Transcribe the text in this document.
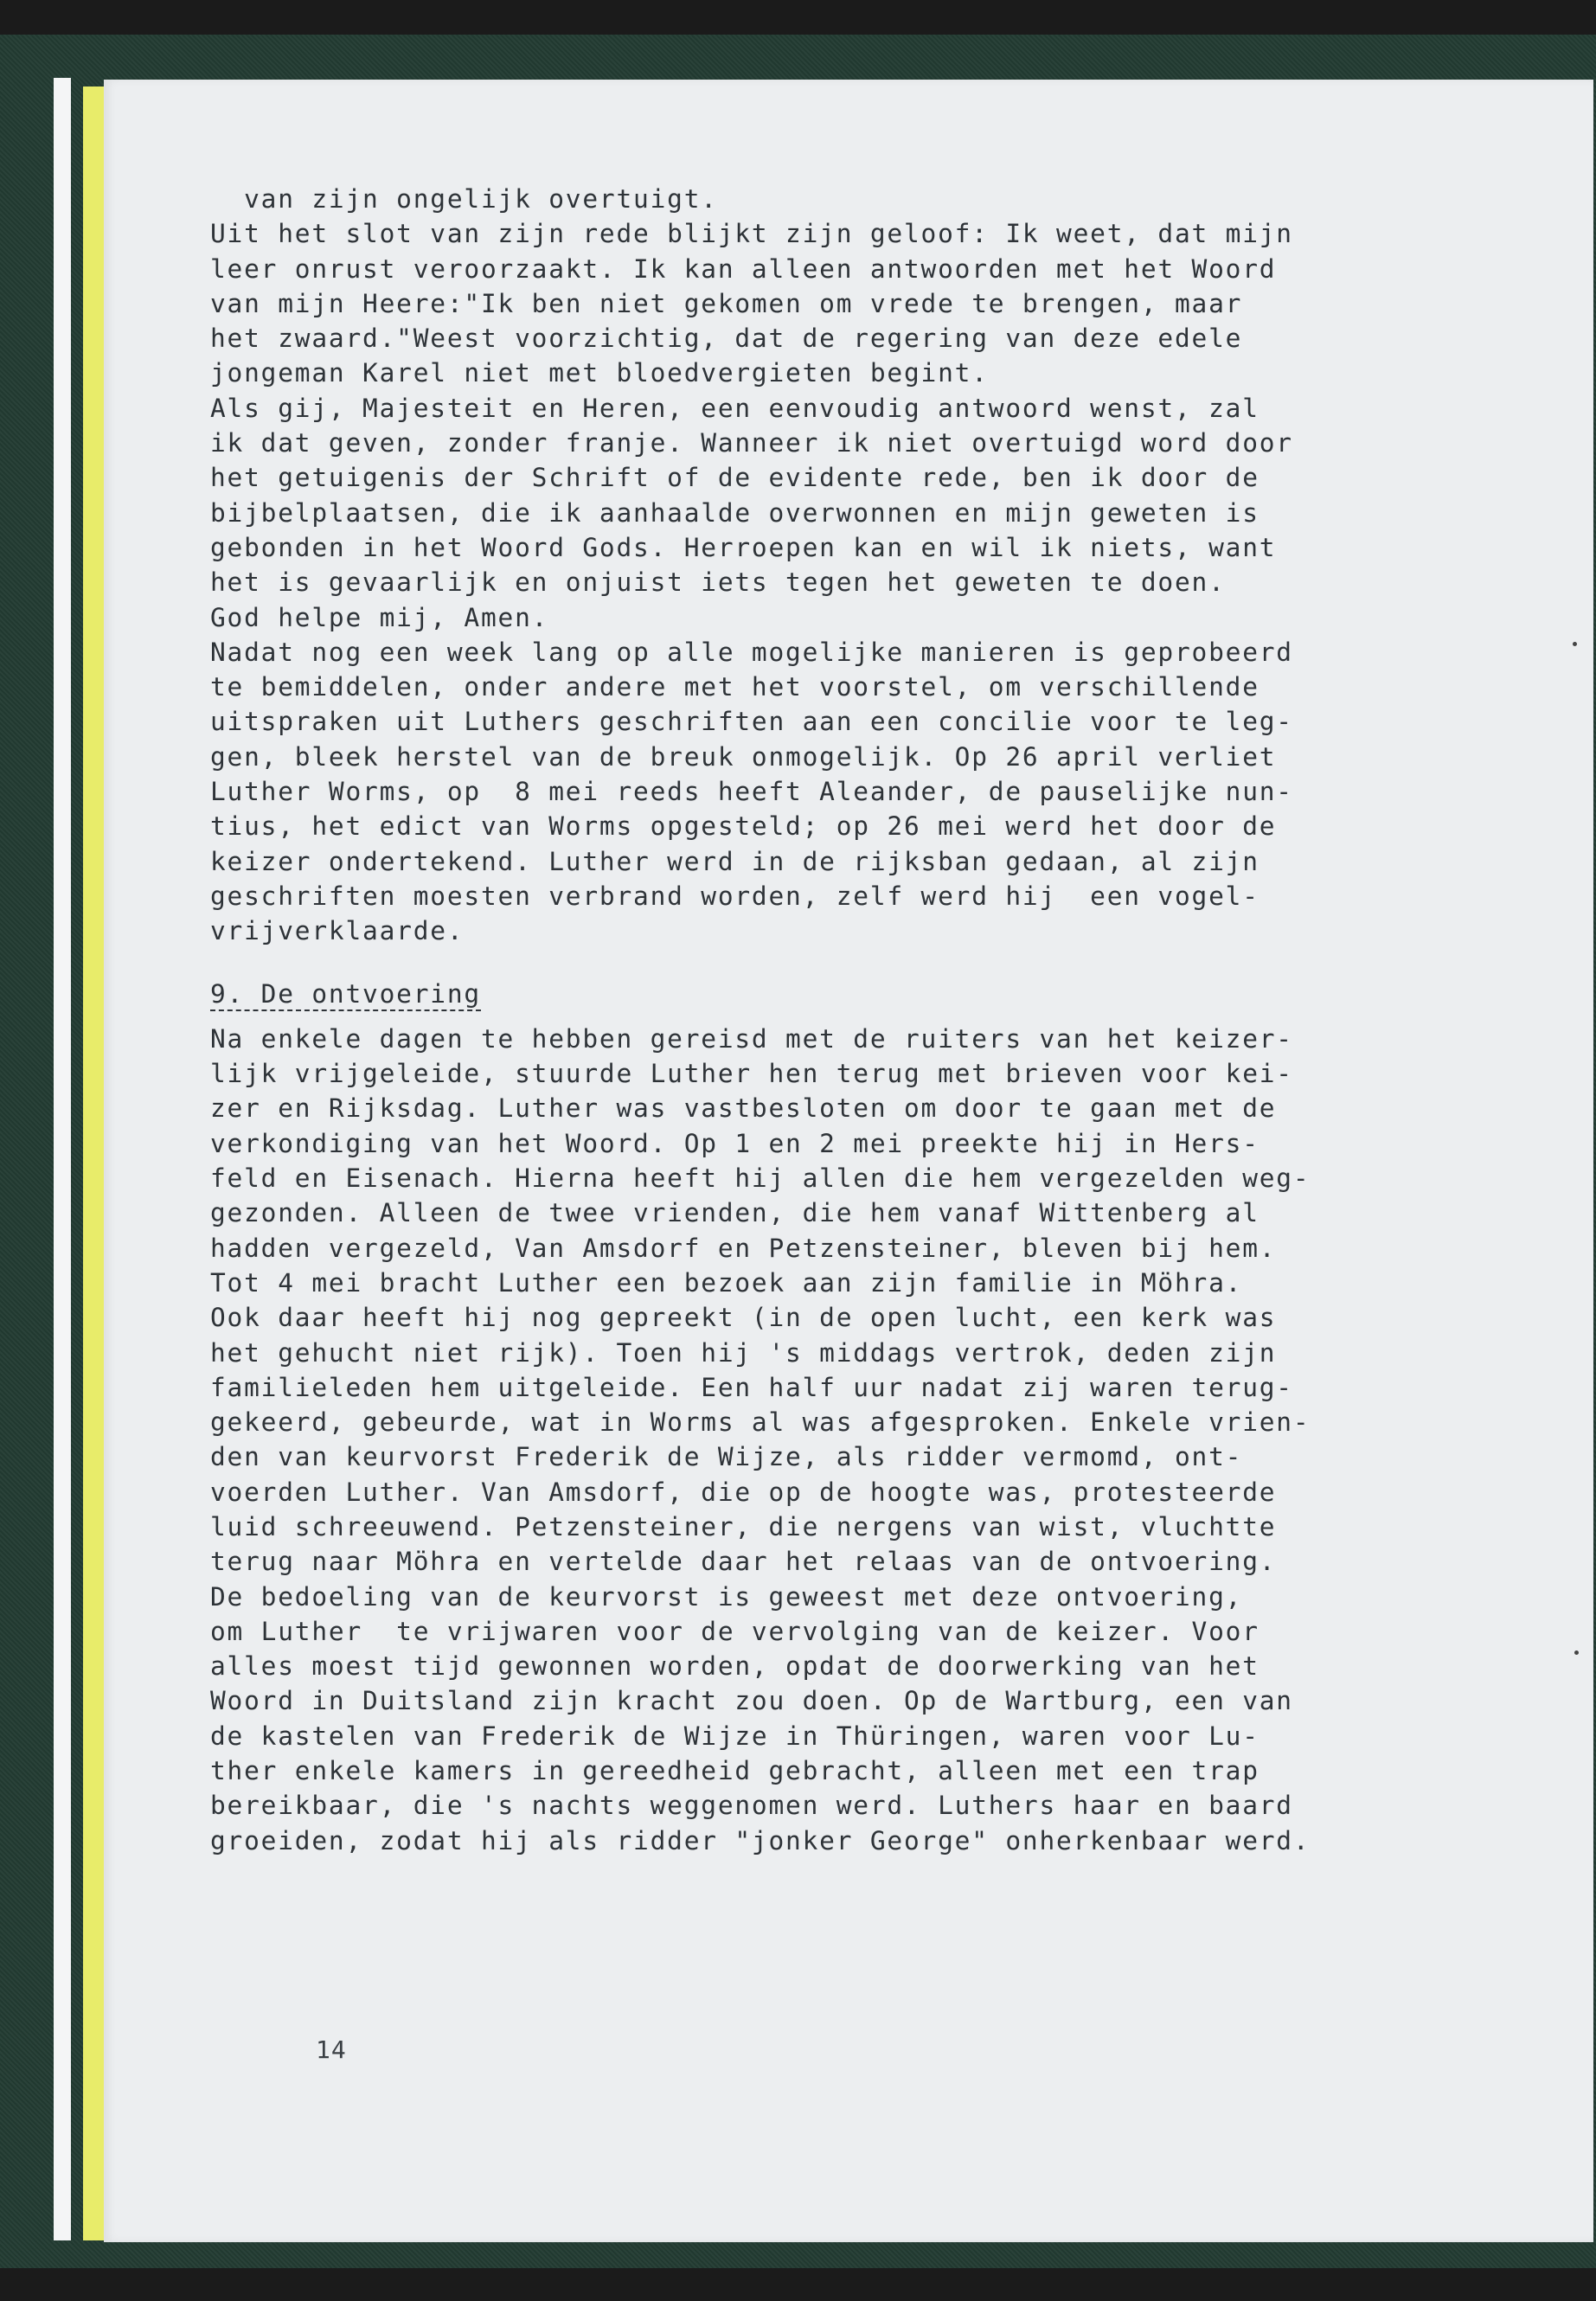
van zijn ongelijk overtuigt.
Uit het slot van zijn rede blijkt zijn geloof: Ik weet, dat mijn
leer onrust veroorzaakt. Ik kan alleen antwoorden met het Woord
van mijn Heere:"Ik ben niet gekomen om vrede te brengen, maar
het zwaard."Weest voorzichtig, dat de regering van deze edele
jongeman Karel niet met bloedvergieten begint.
Als gij, Majesteit en Heren, een eenvoudig antwoord wenst, zal
ik dat geven, zonder franje. Wanneer ik niet overtuigd word door
het getuigenis der Schrift of de evidente rede, ben ik door de
bijbelplaatsen, die ik aanhaalde overwonnen en mijn geweten is
gebonden in het Woord Gods. Herroepen kan en wil ik niets, want
het is gevaarlijk en onjuist iets tegen het geweten te doen.
God helpe mij, Amen.
Nadat nog een week lang op alle mogelijke manieren is geprobeerd
te bemiddelen, onder andere met het voorstel, om verschillende
uitspraken uit Luthers geschriften aan een concilie voor te leg-
gen, bleek herstel van de breuk onmogelijk. Op 26 april verliet
Luther Worms, op  8 mei reeds heeft Aleander, de pauselijke nun-
tius, het edict van Worms opgesteld; op 26 mei werd het door de
keizer ondertekend. Luther werd in de rijksban gedaan, al zijn
geschriften moesten verbrand worden, zelf werd hij  een vogel-
vrijverklaarde.
9. De ontvoering
Na enkele dagen te hebben gereisd met de ruiters van het keizer-
lijk vrijgeleide, stuurde Luther hen terug met brieven voor kei-
zer en Rijksdag. Luther was vastbesloten om door te gaan met de
verkondiging van het Woord. Op 1 en 2 mei preekte hij in Hers-
feld en Eisenach. Hierna heeft hij allen die hem vergezelden weg-
gezonden. Alleen de twee vrienden, die hem vanaf Wittenberg al
hadden vergezeld, Van Amsdorf en Petzensteiner, bleven bij hem.
Tot 4 mei bracht Luther een bezoek aan zijn familie in Möhra.
Ook daar heeft hij nog gepreekt (in de open lucht, een kerk was
het gehucht niet rijk). Toen hij 's middags vertrok, deden zijn
familieleden hem uitgeleide. Een half uur nadat zij waren terug-
gekeerd, gebeurde, wat in Worms al was afgesproken. Enkele vrien-
den van keurvorst Frederik de Wijze, als ridder vermomd, ont-
voerden Luther. Van Amsdorf, die op de hoogte was, protesteerde
luid schreeuwend. Petzensteiner, die nergens van wist, vluchtte
terug naar Möhra en vertelde daar het relaas van de ontvoering.
De bedoeling van de keurvorst is geweest met deze ontvoering,
om Luther  te vrijwaren voor de vervolging van de keizer. Voor
alles moest tijd gewonnen worden, opdat de doorwerking van het
Woord in Duitsland zijn kracht zou doen. Op de Wartburg, een van
de kastelen van Frederik de Wijze in Thüringen, waren voor Lu-
ther enkele kamers in gereedheid gebracht, alleen met een trap
bereikbaar, die 's nachts weggenomen werd. Luthers haar en baard
groeiden, zodat hij als ridder "jonker George" onherkenbaar werd.
14
